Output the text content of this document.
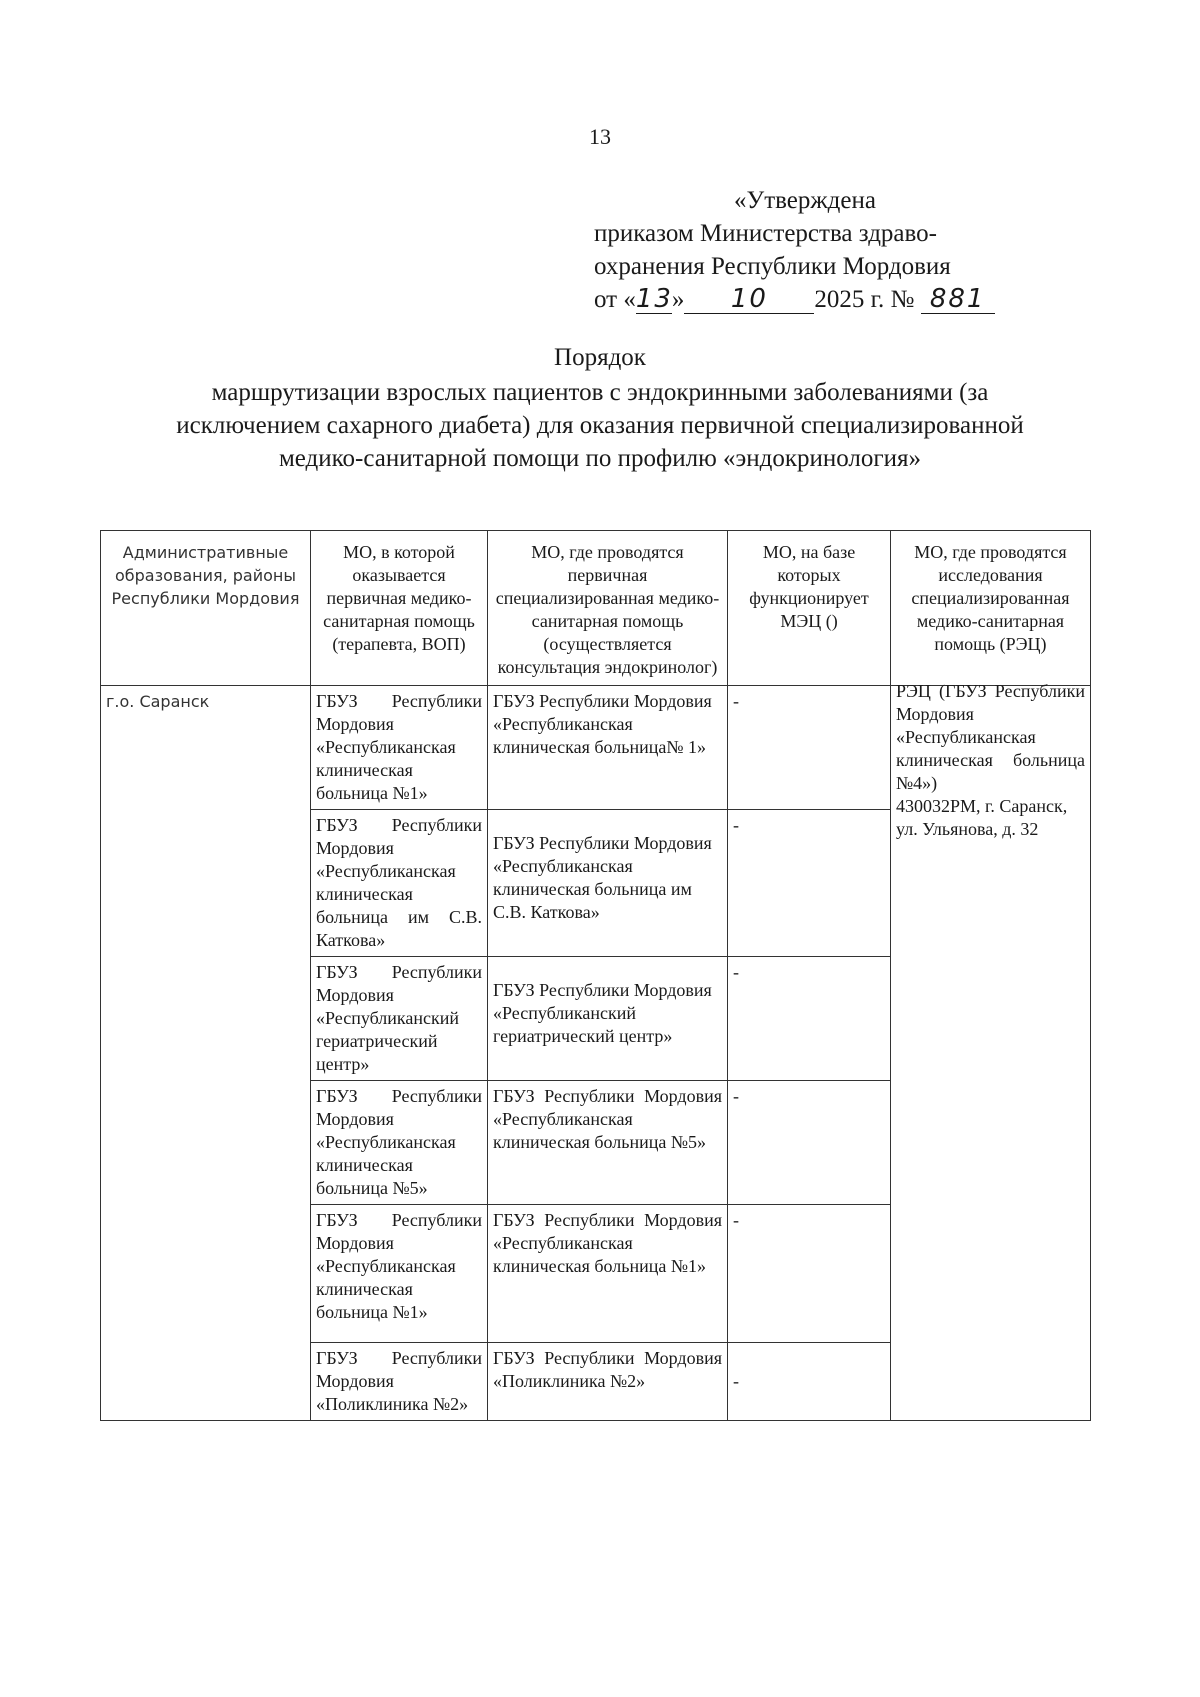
13
«Утверждена
приказом Министерства здраво-
охранения Республики Мордовия
от «13» 10 2025 г. № 881
Порядок
маршрутизации взрослых пациентов с эндокринными заболеваниями (за
исключением сахарного диабета) для оказания первичной специализированной
медико-санитарной помощи по профилю «эндокринология»
Административные образования, районы Республики Мордовия	МО, в которой оказывается первичная медико-санитарная помощь (терапевта, ВОП)	МО, где проводятся первичная специализированная медико-санитарная помощь (осуществляется консультация эндокринолог)	МО, на базе которых функционирует МЭЦ ()	МО, где проводятся исследования специализированная медико-санитарная помощь (РЭЦ)
г.о. Саранск	ГБУЗ Республики Мордовия «Республиканская клиническая больница №1»	ГБУЗ Республики Мордовия «Республиканская клиническая больница№ 1»	-	РЭЦ (ГБУЗ Республики Мордовия «Республиканская клиническая больница №4»)
430032РМ, г. Саранск, ул. Ульянова, д. 32

	ГБУЗ Республики Мордовия «Республиканская клиническая больница им С.В. Каткова»	ГБУЗ Республики Мордовия «Республиканская клиническая больница им С.В. Каткова»	-	
	ГБУЗ Республики Мордовия «Республиканский гериатрический центр»	ГБУЗ Республики Мордовия «Республиканский гериатрический центр»	-	
	ГБУЗ Республики Мордовия «Республиканская клиническая больница №5»	ГБУЗ Республики Мордовия «Республиканская клиническая больница №5»	-	
	ГБУЗ Республики Мордовия «Республиканская клиническая больница №1»	ГБУЗ Республики Мордовия «Республиканская клиническая больница №1»	-	
	ГБУЗ Республики Мордовия «Поликлиника №2»	ГБУЗ Республики Мордовия «Поликлиника №2»	-	
